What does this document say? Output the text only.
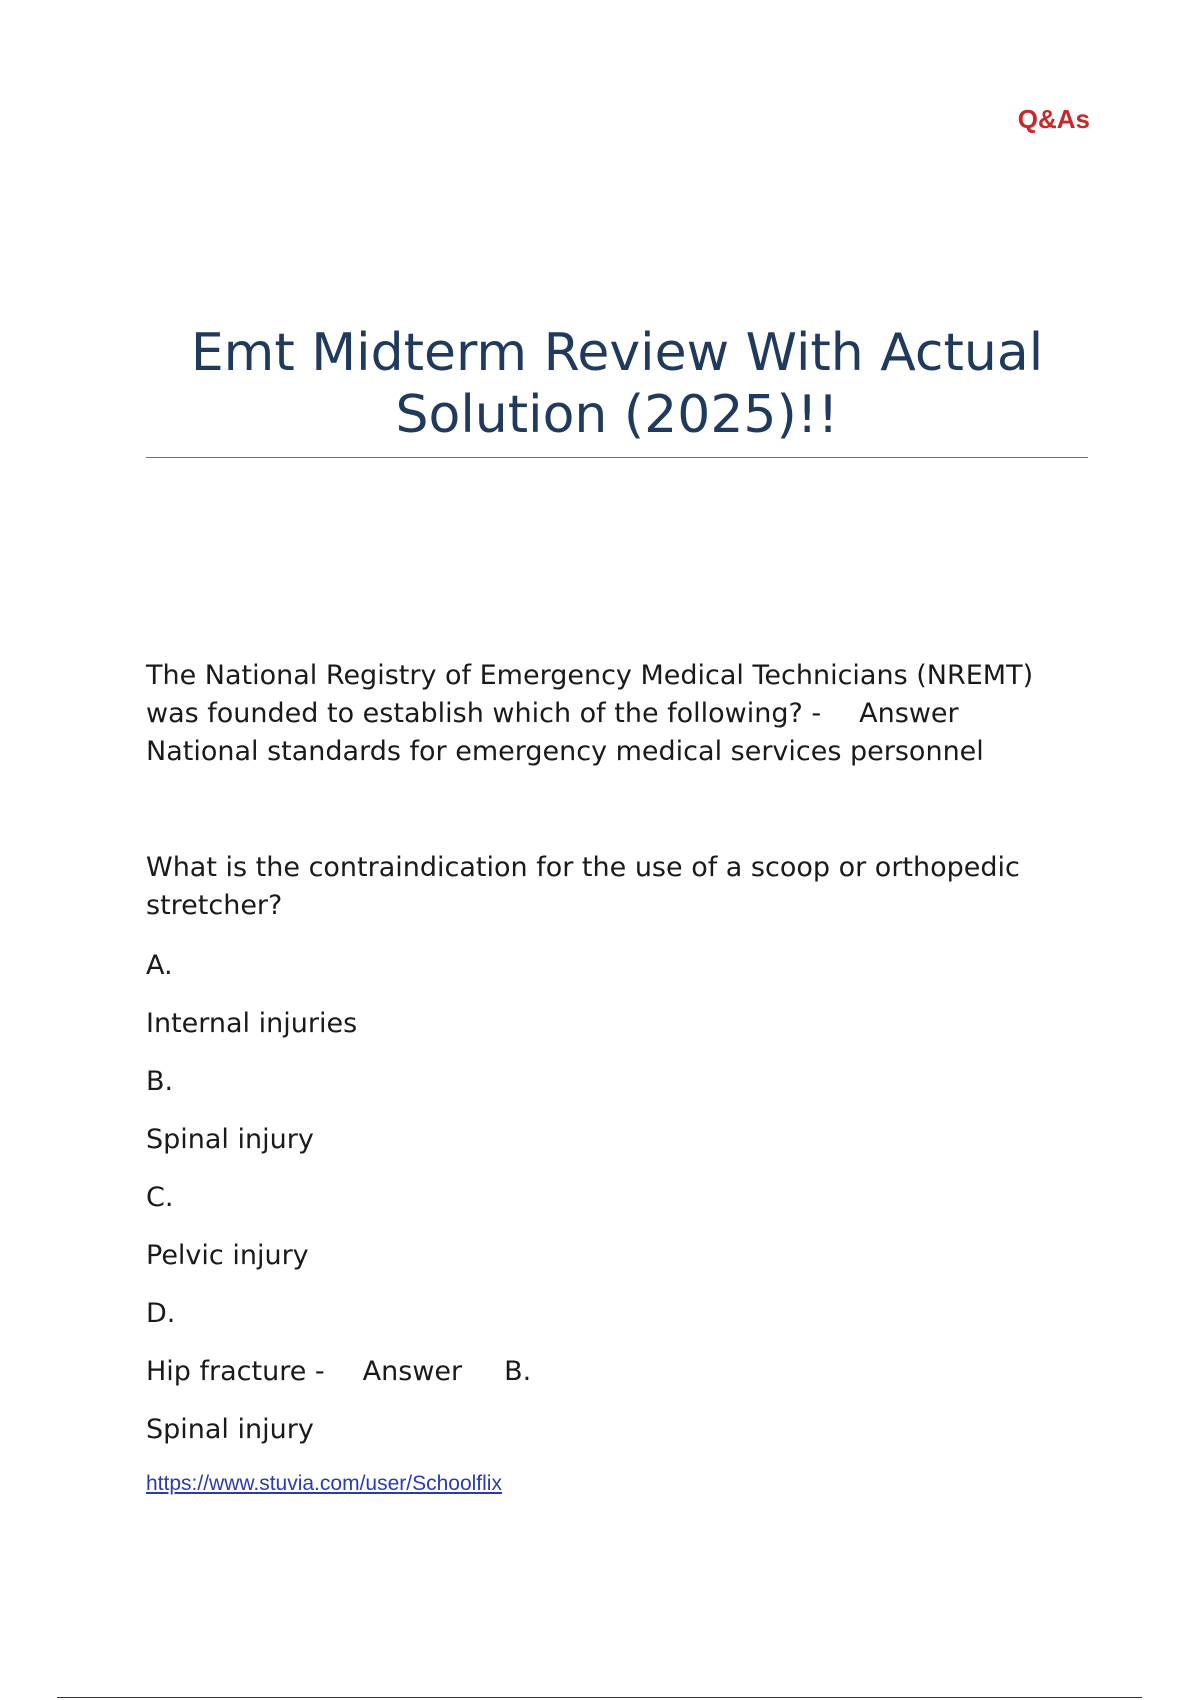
Q&As

Emt Midterm Review With Actual
Solution (2025)!!

The National Registry of Emergency Medical Technicians (NREMT)
was founded to establish which of the following? - Answer
National standards for emergency medical services personnel

What is the contraindication for the use of a scoop or orthopedic
stretcher?

A.

Internal injuries

B.

Spinal injury

C.

Pelvic injury

D.

Hip fracture - Answer B.

Spinal injury

https://www.stuvia.com/user/Schoolflix
